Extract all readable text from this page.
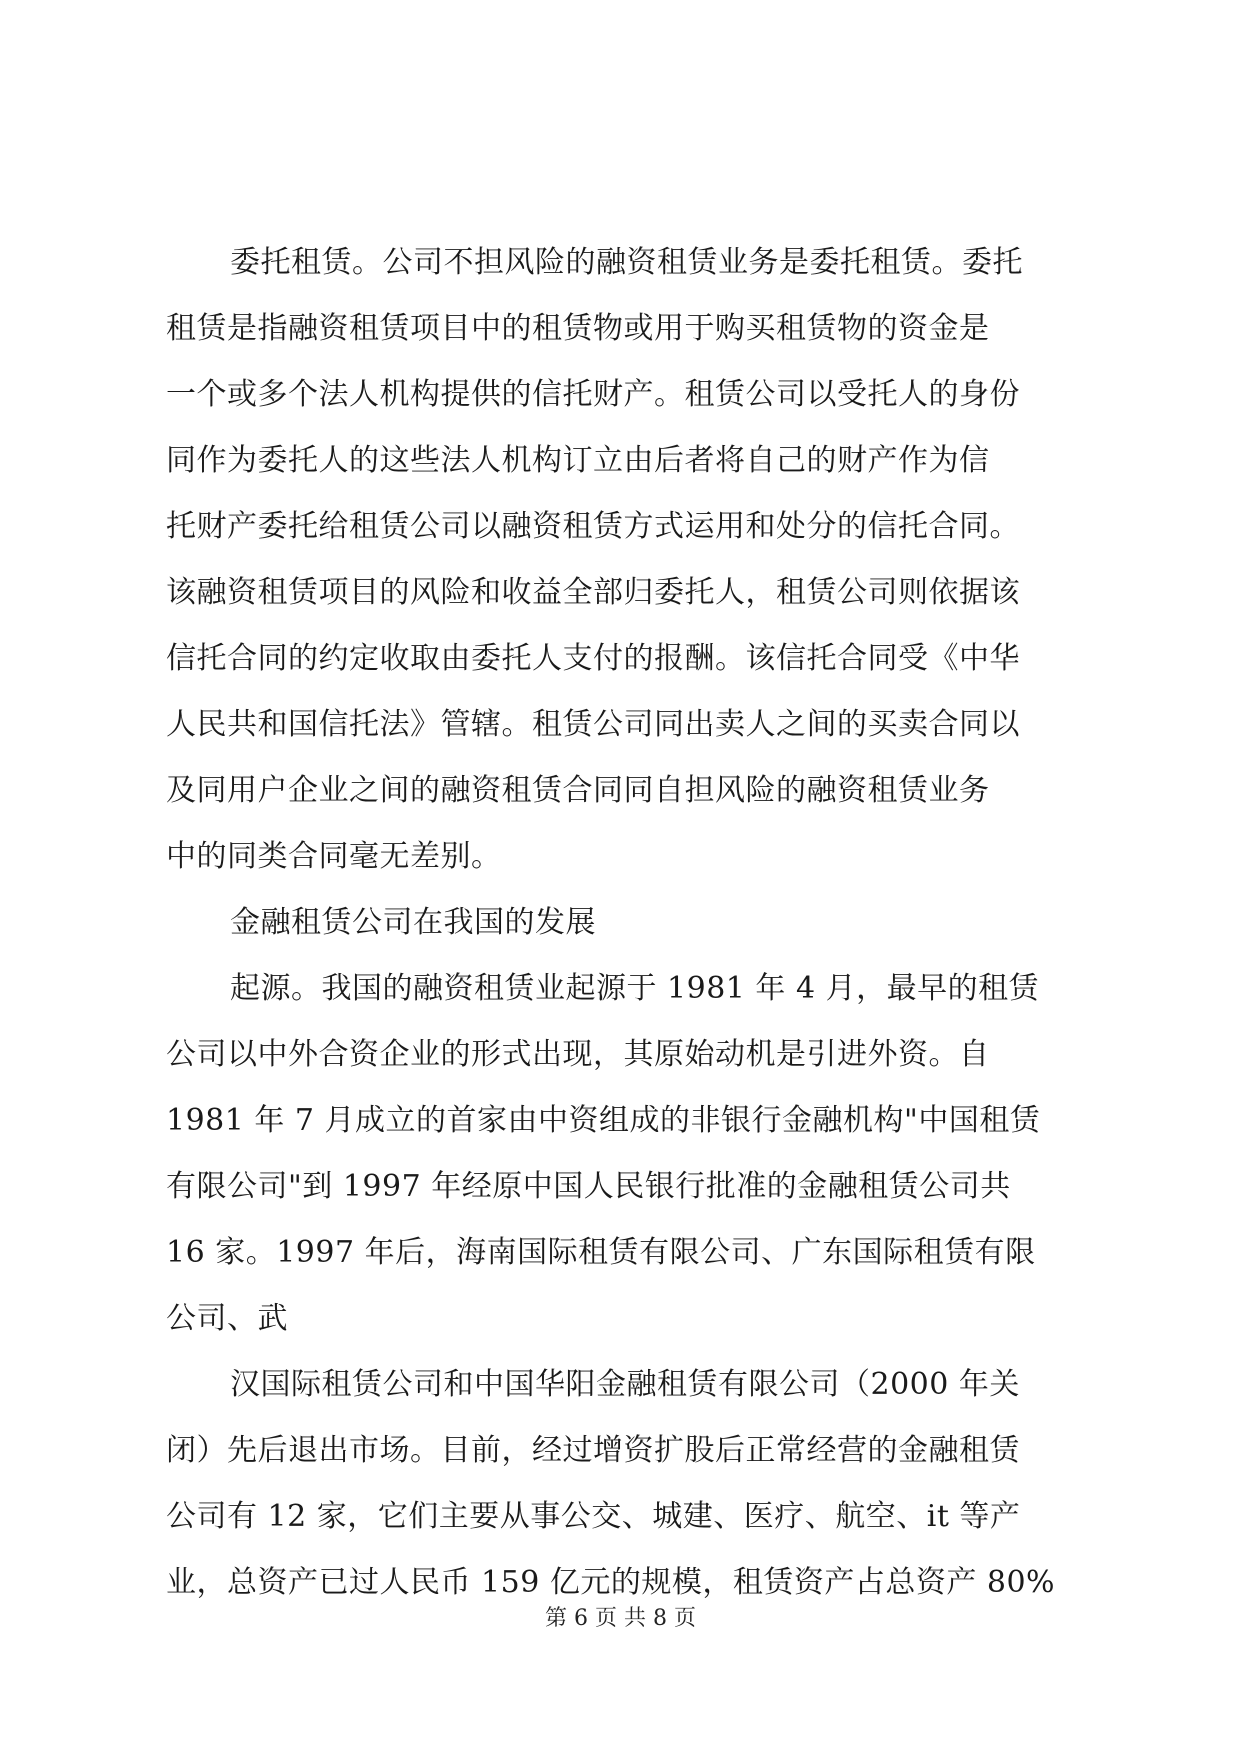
委托租赁。公司不担风险的融资租赁业务是委托租赁。委托
租赁是指融资租赁项目中的租赁物或用于购买租赁物的资金是
一个或多个法人机构提供的信托财产。租赁公司以受托人的身份
同作为委托人的这些法人机构订立由后者将自己的财产作为信
托财产委托给租赁公司以融资租赁方式运用和处分的信托合同。
该融资租赁项目的风险和收益全部归委托人，租赁公司则依据该
信托合同的约定收取由委托人支付的报酬。该信托合同受《中华
人民共和国信托法》管辖。租赁公司同出卖人之间的买卖合同以
及同用户企业之间的融资租赁合同同自担风险的融资租赁业务
中的同类合同毫无差别。
金融租赁公司在我国的发展
起源。我国的融资租赁业起源于 1981 年 4 月，最早的租赁
公司以中外合资企业的形式出现，其原始动机是引进外资。自
1981 年 7 月成立的首家由中资组成的非银行金融机构"中国租赁
有限公司"到 1997 年经原中国人民银行批准的金融租赁公司共
16 家。1997 年后，海南国际租赁有限公司、广东国际租赁有限
公司、武
汉国际租赁公司和中国华阳金融租赁有限公司（2000 年关
闭）先后退出市场。目前，经过增资扩股后正常经营的金融租赁
公司有 12 家，它们主要从事公交、城建、医疗、航空、it 等产
业，总资产已过人民币 159 亿元的规模，租赁资产占总资产 80%
第 6 页 共 8 页
